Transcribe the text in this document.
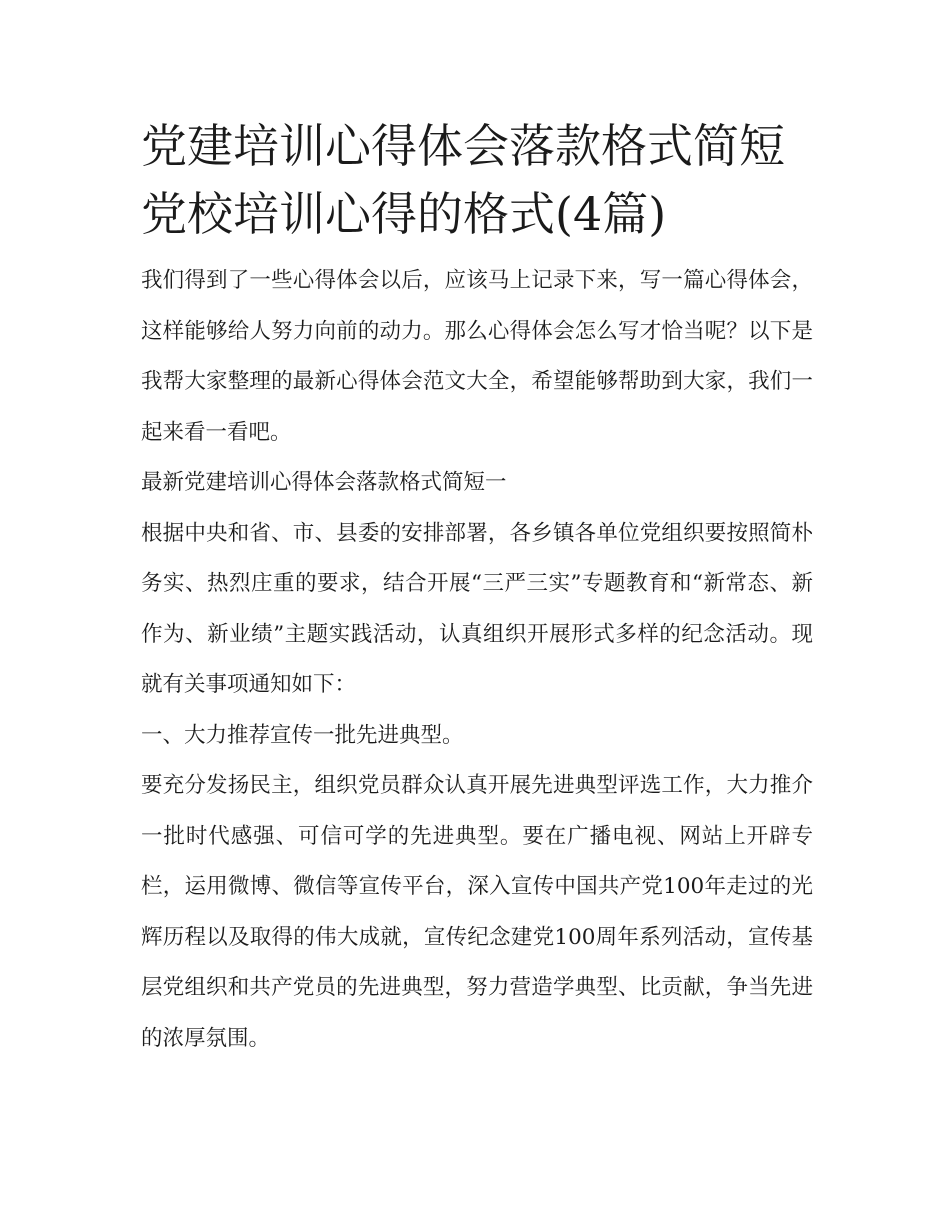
党建培训心得体会落款格式简短 党校培训心得的格式(4篇)

我们得到了一些心得体会以后，应该马上记录下来，写一篇心得体会，这样能够给人努力向前的动力。那么心得体会怎么写才恰当呢？以下是我帮大家整理的最新心得体会范文大全，希望能够帮助到大家，我们一起来看一看吧。

最新党建培训心得体会落款格式简短一

根据中央和省、市、县委的安排部署，各乡镇各单位党组织要按照简朴务实、热烈庄重的要求，结合开展“三严三实”专题教育和“新常态、新作为、新业绩”主题实践活动，认真组织开展形式多样的纪念活动。现就有关事项通知如下：

一、大力推荐宣传一批先进典型。

要充分发扬民主，组织党员群众认真开展先进典型评选工作，大力推介一批时代感强、可信可学的先进典型。要在广播电视、网站上开辟专栏，运用微博、微信等宣传平台，深入宣传中国共产党100年走过的光辉历程以及取得的伟大成就，宣传纪念建党100周年系列活动，宣传基层党组织和共产党员的先进典型，努力营造学典型、比贡献，争当先进的浓厚氛围。
